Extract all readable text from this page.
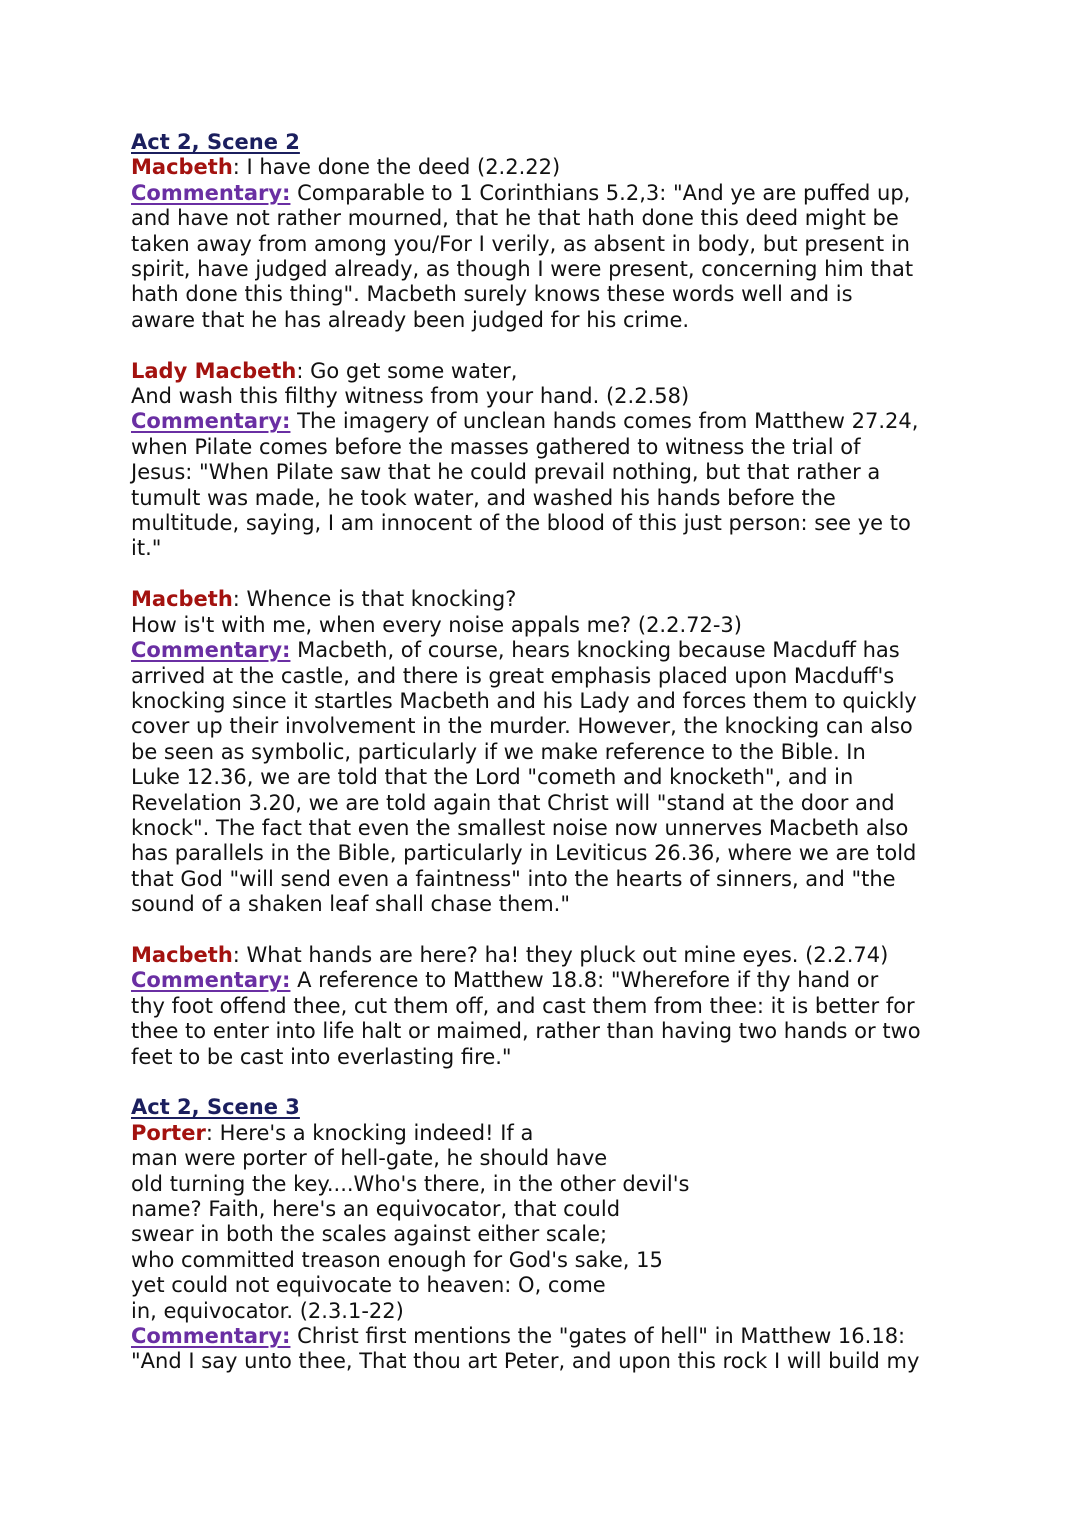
Act 2, Scene 2
Macbeth: I have done the deed (2.2.22)
Commentary: Comparable to 1 Corinthians 5.2,3: "And ye are puffed up,
and have not rather mourned, that he that hath done this deed might be
taken away from among you/For I verily, as absent in body, but present in
spirit, have judged already, as though I were present, concerning him that
hath done this thing". Macbeth surely knows these words well and is
aware that he has already been judged for his crime.
Lady Macbeth: Go get some water,
And wash this filthy witness from your hand. (2.2.58)
Commentary: The imagery of unclean hands comes from Matthew 27.24,
when Pilate comes before the masses gathered to witness the trial of
Jesus: "When Pilate saw that he could prevail nothing, but that rather a
tumult was made, he took water, and washed his hands before the
multitude, saying, I am innocent of the blood of this just person: see ye to
it."
Macbeth: Whence is that knocking?
How is't with me, when every noise appals me? (2.2.72-3)
Commentary: Macbeth, of course, hears knocking because Macduff has
arrived at the castle, and there is great emphasis placed upon Macduff's
knocking since it startles Macbeth and his Lady and forces them to quickly
cover up their involvement in the murder. However, the knocking can also
be seen as symbolic, particularly if we make reference to the Bible. In
Luke 12.36, we are told that the Lord "cometh and knocketh", and in
Revelation 3.20, we are told again that Christ will "stand at the door and
knock". The fact that even the smallest noise now unnerves Macbeth also
has parallels in the Bible, particularly in Leviticus 26.36, where we are told
that God "will send even a faintness" into the hearts of sinners, and "the
sound of a shaken leaf shall chase them."
Macbeth: What hands are here? ha! they pluck out mine eyes. (2.2.74)
Commentary: A reference to Matthew 18.8: "Wherefore if thy hand or
thy foot offend thee, cut them off, and cast them from thee: it is better for
thee to enter into life halt or maimed, rather than having two hands or two
feet to be cast into everlasting fire."
Act 2, Scene 3
Porter: Here's a knocking indeed! If a
man were porter of hell-gate, he should have
old turning the key....Who's there, in the other devil's
name? Faith, here's an equivocator, that could
swear in both the scales against either scale;
who committed treason enough for God's sake, 15
yet could not equivocate to heaven: O, come
in, equivocator. (2.3.1-22)
Commentary: Christ first mentions the "gates of hell" in Matthew 16.18:
"And I say unto thee, That thou art Peter, and upon this rock I will build my
